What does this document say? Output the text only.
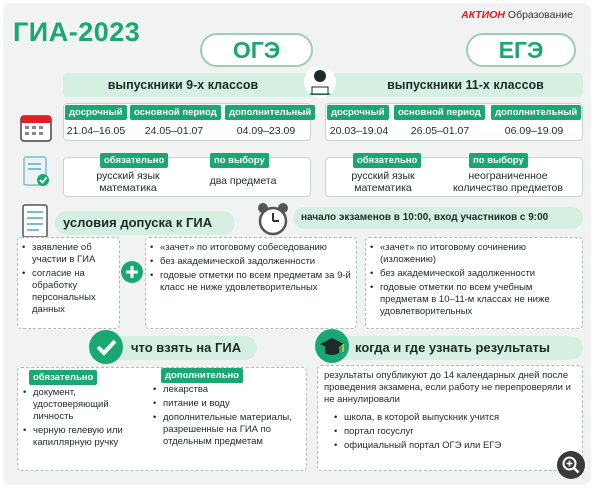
ГИА-2023
АКТИОН Образование
ОГЭ	ЕГЭ
выпускники 9-х классов	выпускники 11-х классов
досрочный	основной период	дополнительный
21.04–16.05	24.05–01.07	04.09–23.09
досрочный	основной период	дополнительный
20.03–19.04	26.05–01.07	06.09–19.09
обязательно	по выбору
русский язык
математика
два предмета
обязательно	по выбору
русский язык
математика
неограниченное
количество предметов
условия допуска к ГИА	начало экзаменов в 10:00, вход участников с 9:00
• заявление об участии в ГИА
• согласие на обработку персональных данных
• «зачет» по итоговому собеседованию
• без академической задолженности
• годовые отметки по всем предметам за 9-й класс не ниже удовлетворительных
• «зачет» по итоговому сочинению (изложению)
• без академической задолженности
• годовые отметки по всем учебным предметам в 10–11-м классах не ниже удовлетворительных
что взять на ГИА	когда и где узнать результаты
обязательно	дополнительно
• документ, удостоверяющий личность
• черную гелевую или капиллярную ручку
• лекарства
• питание и воду
• дополнительные материалы, разрешенные на ГИА по отдельным предметам
результаты опубликуют до 14 календарных дней после проведения экзамена, если работу не перепроверяли и не аннулировали
• школа, в которой выпускник учится
• портал госуслуг
• официальный портал ОГЭ или ЕГЭ
